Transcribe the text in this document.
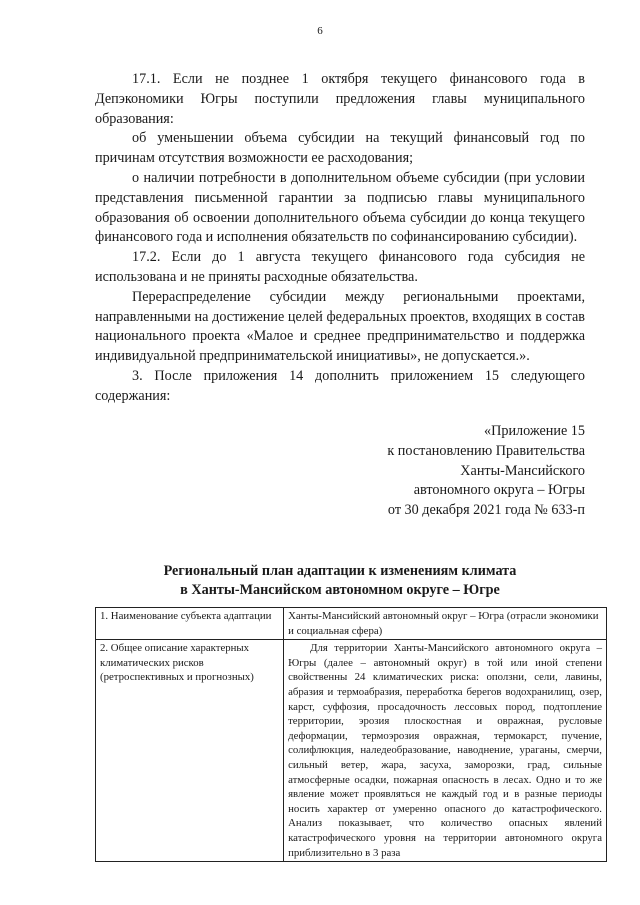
6

17.1. Если не позднее 1 октября текущего финансового года в Депэкономики Югры поступили предложения главы муниципального образования:

об уменьшении объема субсидии на текущий финансовый год по причинам отсутствия возможности ее расходования;

о наличии потребности в дополнительном объеме субсидии (при условии представления письменной гарантии за подписью главы муниципального образования об освоении дополнительного объема субсидии до конца текущего финансового года и исполнения обязательств по софинансированию субсидии).

17.2. Если до 1 августа текущего финансового года субсидия не использована и не приняты расходные обязательства.

Перераспределение субсидии между региональными проектами, направленными на достижение целей федеральных проектов, входящих в состав национального проекта «Малое и среднее предпринимательство и поддержка индивидуальной предпринимательской инициативы», не допускается.».

3. После приложения 14 дополнить приложением 15 следующего содержания:

«Приложение 15
к постановлению Правительства
Ханты-Мансийского
автономного округа – Югры
от 30 декабря 2021 года № 633-п
Региональный план адаптации к изменениям климата
в Ханты-Мансийском автономном округе – Югре

1. Наименование субъекта адаптации	Ханты-Мансийский автономный округ – Югра (отрасли экономики и социальная сфера)

2. Общее описание характерных климатических рисков (ретроспективных и прогнозных)	Для территории Ханты-Мансийского автономного округа – Югры (далее – автономный округ) в той или иной степени свойственны 24 климатических риска: оползни, сели, лавины, абразия и термоабразия, переработка берегов водохранилищ, озер, карст, суффозия, просадочность лессовых пород, подтопление территории, эрозия плоскостная и овражная, русловые деформации, термоэрозия овражная, термокарст, пучение, солифлюкция, наледеобразование, наводнение, ураганы, смерчи, сильный ветер, жара, засуха, заморозки, град, сильные атмосферные осадки, пожарная опасность в лесах. Одно и то же явление может проявляться не каждый год и в разные периоды носить характер от умеренно опасного до катастрофического. Анализ показывает, что количество опасных явлений катастрофического уровня на территории автономного округа приблизительно в 3 раза
